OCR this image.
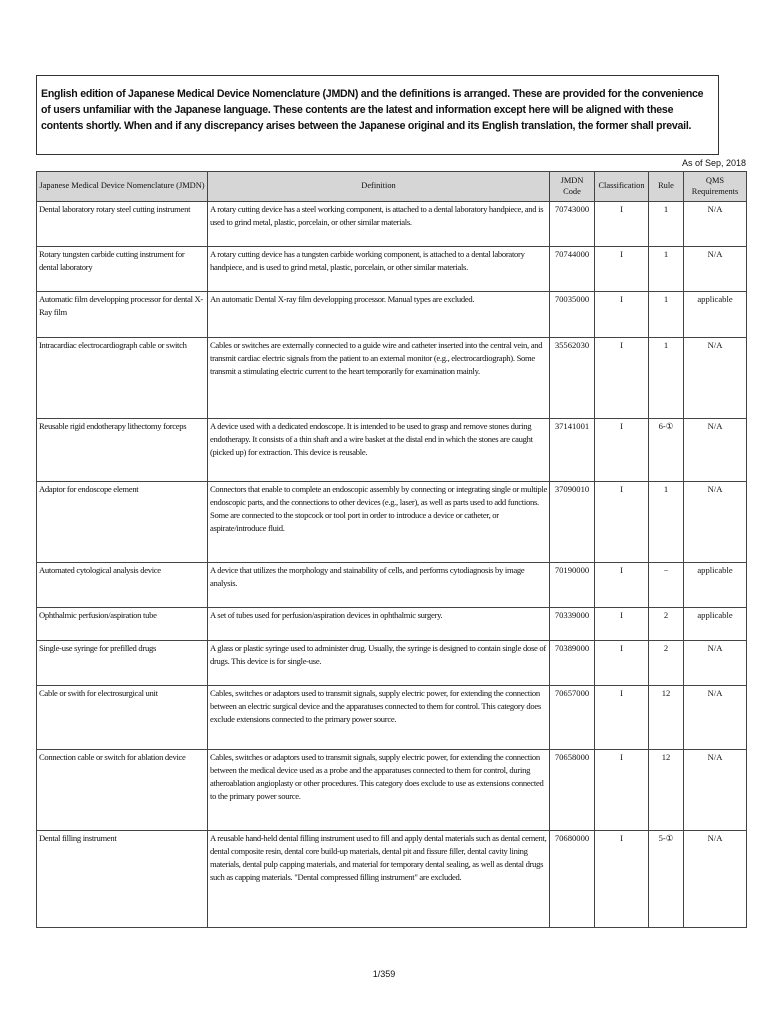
English edition of Japanese Medical Device Nomenclature (JMDN) and the definitions is arranged. These are provided for the convenience of users unfamiliar with the Japanese language. These contents are the latest and information except here will be aligned with these contents shortly. When and if any discrepancy arises between the Japanese original and its English translation, the former shall prevail.
As of Sep, 2018
Japanese Medical Device Nomenclature (JMDN)	Definition	JMDN Code	Classification	Rule	QMS Requirements
Dental laboratory rotary steel cutting instrument	A rotary cutting device has a steel working component, is attached to a dental laboratory handpiece, and is used to grind metal, plastic, porcelain, or other similar materials.	70743000	I	1	N/A
Rotary tungsten carbide cutting instrument for dental laboratory	A rotary cutting device has a tungsten carbide working component, is attached to a dental laboratory handpiece, and is used to grind metal, plastic, porcelain, or other similar materials.	70744000	I	1	N/A
Automatic film developping processor for dental X-Ray film	An automatic Dental X-ray film developping processor. Manual types are excluded.	70035000	I	1	applicable
Intracardiac electrocardiograph cable or switch	Cables or switches are externally connected to a guide wire and catheter inserted into the central vein, and transmit cardiac electric signals from the patient to an external monitor (e.g., electrocardiograph). Some transmit a stimulating electric current to the heart temporarily for examination mainly.	35562030	I	1	N/A
Reusable rigid endotherapy lithectomy forceps	A device used with a dedicated endoscope. It is intended to be used to grasp and remove stones during endotherapy. It consists of a thin shaft and a wire basket at the distal end in which the stones are caught (picked up) for extraction. This device is reusable.	37141001	I	6-①	N/A
Adaptor for endoscope element	Connectors that enable to complete an endoscopic assembly by connecting or integrating single or multiple endoscopic parts, and the connections to other devices (e.g., laser), as well as parts used to add functions. Some are connected to the stopcock or tool port in order to introduce a device or catheter, or aspirate/introduce fluid.	37090010	I	1	N/A
Automated cytological analysis device	A device that utilizes the morphology and stainability of cells, and performs cytodiagnosis by image analysis.	70190000	I	−	applicable
Ophthalmic perfusion/aspiration tube	A set of tubes used for perfusion/aspiration devices in ophthalmic surgery.	70339000	I	2	applicable
Single-use syringe for prefilled drugs	A glass or plastic syringe used to administer drug. Usually, the syringe is designed to contain single dose of drugs. This device is for single-use.	70389000	I	2	N/A
Cable or swith for electrosurgical unit	Cables, switches or adaptors used to transmit signals, supply electric power, for extending the connection between an electric surgical device and the apparatuses connected to them for control. This category does exclude extensions connected to the primary power source.	70657000	I	12	N/A
Connection cable or switch for ablation device	Cables, switches or adaptors used to transmit signals, supply electric power, for extending the connection between the medical device used as a probe and the apparatuses connected to them for control, during atheroablation angioplasty or other procedures. This category does exclude to use as extensions connected to the primary power source.	70658000	I	12	N/A
Dental filling instrument	A reusable hand-held dental filling instrument used to fill and apply dental materials such as dental cement, dental composite resin, dental core build-up materials, dental pit and fissure filler, dental cavity lining materials, dental pulp capping materials, and material for temporary dental sealing, as well as dental drugs such as capping materials. "Dental compressed filling instrument" are excluded.	70680000	I	5-①	N/A
1/359
